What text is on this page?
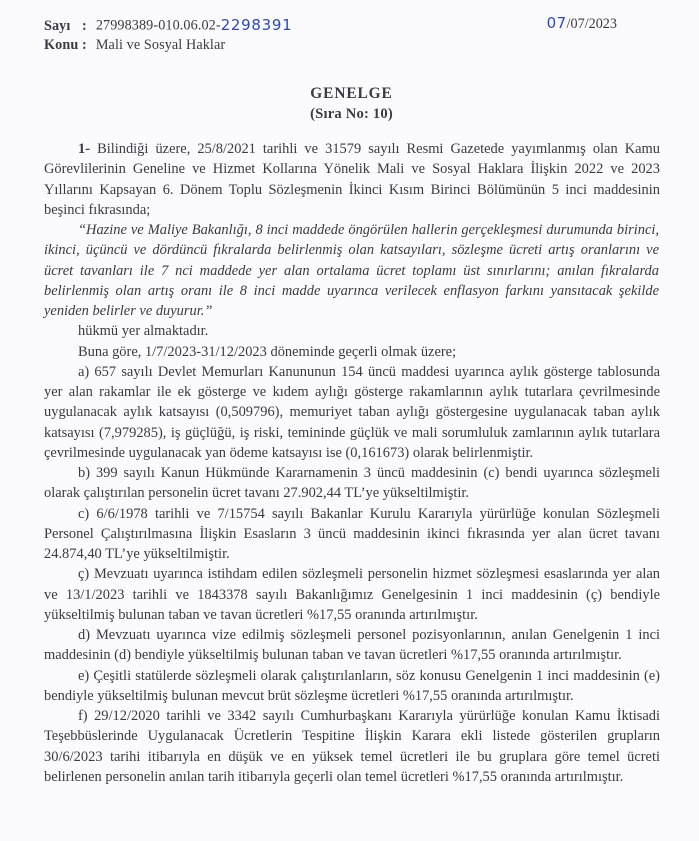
Sayı : 27998389-010.06.02-2298391
Konu : Mali ve Sosyal Haklar
07/07/2023
GENELGE
(Sıra No: 10)

1- Bilindiği üzere, 25/8/2021 tarihli ve 31579 sayılı Resmi Gazetede yayımlanmış olan Kamu Görevlilerinin Geneline ve Hizmet Kollarına Yönelik Mali ve Sosyal Haklara İlişkin 2022 ve 2023 Yıllarını Kapsayan 6. Dönem Toplu Sözleşmenin İkinci Kısım Birinci Bölümünün 5 inci maddesinin beşinci fıkrasında;

“Hazine ve Maliye Bakanlığı, 8 inci maddede öngörülen hallerin gerçekleşmesi durumunda birinci, ikinci, üçüncü ve dördüncü fıkralarda belirlenmiş olan katsayıları, sözleşme ücreti artış oranlarını ve ücret tavanları ile 7 nci maddede yer alan ortalama ücret toplamı üst sınırlarını; anılan fıkralarda belirlenmiş olan artış oranı ile 8 inci madde uyarınca verilecek enflasyon farkını yansıtacak şekilde yeniden belirler ve duyurur.”

hükmü yer almaktadır.

Buna göre, 1/7/2023-31/12/2023 döneminde geçerli olmak üzere;

a) 657 sayılı Devlet Memurları Kanununun 154 üncü maddesi uyarınca aylık gösterge tablosunda yer alan rakamlar ile ek gösterge ve kıdem aylığı gösterge rakamlarının aylık tutarlara çevrilmesinde uygulanacak aylık katsayısı (0,509796), memuriyet taban aylığı göstergesine uygulanacak taban aylık katsayısı (7,979285), iş güçlüğü, iş riski, temininde güçlük ve mali sorumluluk zamlarının aylık tutarlara çevrilmesinde uygulanacak yan ödeme katsayısı ise (0,161673) olarak belirlenmiştir.

b) 399 sayılı Kanun Hükmünde Kararnamenin 3 üncü maddesinin (c) bendi uyarınca sözleşmeli olarak çalıştırılan personelin ücret tavanı 27.902,44 TL’ye yükseltilmiştir.

c) 6/6/1978 tarihli ve 7/15754 sayılı Bakanlar Kurulu Kararıyla yürürlüğe konulan Sözleşmeli Personel Çalıştırılmasına İlişkin Esasların 3 üncü maddesinin ikinci fıkrasında yer alan ücret tavanı 24.874,40 TL’ye yükseltilmiştir.

ç) Mevzuatı uyarınca istihdam edilen sözleşmeli personelin hizmet sözleşmesi esaslarında yer alan ve 13/1/2023 tarihli ve 1843378 sayılı Bakanlığımız Genelgesinin 1 inci maddesinin (ç) bendiyle yükseltilmiş bulunan taban ve tavan ücretleri %17,55 oranında artırılmıştır.

d) Mevzuatı uyarınca vize edilmiş sözleşmeli personel pozisyonlarının, anılan Genelgenin 1 inci maddesinin (d) bendiyle yükseltilmiş bulunan taban ve tavan ücretleri %17,55 oranında artırılmıştır.

e) Çeşitli statülerde sözleşmeli olarak çalıştırılanların, söz konusu Genelgenin 1 inci maddesinin (e) bendiyle yükseltilmiş bulunan mevcut brüt sözleşme ücretleri %17,55 oranında artırılmıştır.

f) 29/12/2020 tarihli ve 3342 sayılı Cumhurbaşkanı Kararıyla yürürlüğe konulan Kamu İktisadi Teşebbüslerinde Uygulanacak Ücretlerin Tespitine İlişkin Karara ekli listede gösterilen grupların 30/6/2023 tarihi itibarıyla en düşük ve en yüksek temel ücretleri ile bu gruplara göre temel ücreti belirlenen personelin anılan tarih itibarıyla geçerli olan temel ücretleri %17,55 oranında artırılmıştır.
